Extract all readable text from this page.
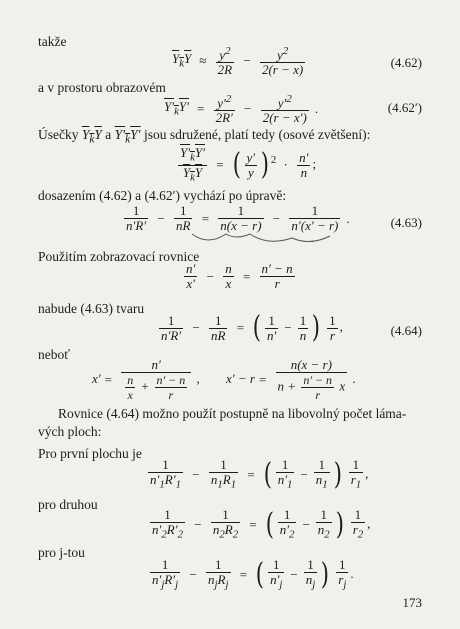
takže
$Y_kY \approx \frac{y^2}{2R} - \frac{y^2}{2(r - x)}$	(4.62)
a v prostoru obrazovém
$Y'_kY' = \frac{y'^2}{2R'} - \frac{y'^2}{2(r - x')}$ .	(4.62′)
Úsečky $Y_kY$ a $Y'_kY'$ jsou sdružené, platí tedy (osové zvětšení):
$\frac{Y'_kY'}{Y_kY}$ = ( $\frac{y'}{y}$ ) $^2 \cdot \frac{n'}{n}$ ;
dosazením (4.62) a (4.62′) vychází po úpravě:
$\frac{1}{n'R'} - \frac{1}{nR} = \frac{1}{n(x - r)} - \frac{1}{n'(x' - r)}$ .	(4.63)
Použitím zobrazovací rovnice
$\frac{n'}{x'} - \frac{n}{x} = \frac{n' - n}{r}$
nabude (4.63) tvaru
$\frac{1}{n'R'} - \frac{1}{nR}$ = ( $\frac{1}{n'} - \frac{1}{n}$ ) $\frac{1}{r}$ ,	(4.64)
neboť
$x' = \frac{n'}{\frac{n}{x} + \frac{n' - n}{r}}$ , $x' - r = \frac{n(x - r)}{n + \frac{n' - n}{r} x}$ .
Rovnice (4.64) možno použít postupně na libovolný počet láma-
vých ploch:
Pro první plochu je
$\frac{1}{n'_1R'_1} - \frac{1}{n_1R_1}$ = ( $\frac{1}{n'_1} - \frac{1}{n_1}$ ) $\frac{1}{r_1}$ ,
pro druhou
$\frac{1}{n'_2R'_2} - \frac{1}{n_2R_2}$ = ( $\frac{1}{n'_2} - \frac{1}{n_2}$ ) $\frac{1}{r_2}$ ,
pro j-tou
$\frac{1}{n'_jR'_j} - \frac{1}{n_jR_j}$ = ( $\frac{1}{n'_j} - \frac{1}{n_j}$ ) $\frac{1}{r_j}$ .
173
